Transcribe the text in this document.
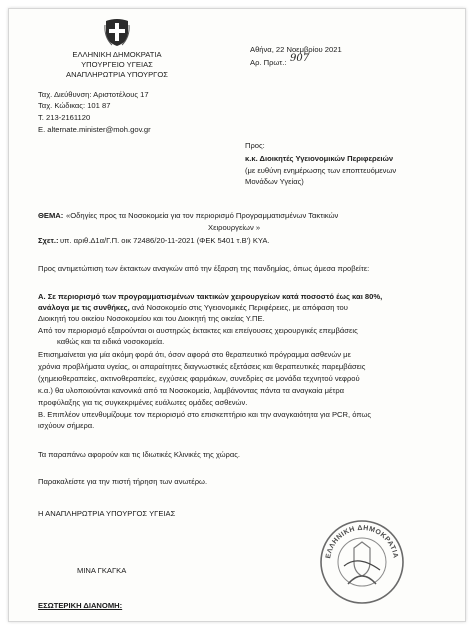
ΕΛΛΗΝΙΚΗ ΔΗΜΟΚΡΑΤΙΑ
ΥΠΟΥΡΓΕΙΟ ΥΓΕΙΑΣ
ΑΝΑΠΛΗΡΩΤΡΙΑ ΥΠΟΥΡΓΟΣ
Ταχ. Διεύθυνση: Αριστοτέλους 17
Ταχ. Κώδικας: 101 87
Τ. 213-2161120
E. alternate.minister@moh.gov.gr
Αθήνα, 22 Νοεμβρίου 2021
Αρ. Πρωτ.: 907
Προς:
κ.κ. Διοικητές Υγειονομικών Περιφερειών
(με ευθύνη ενημέρωσης των εποπτευόμενων
Μονάδων Υγείας)
ΘΕΜΑ: «Οδηγίες προς τα Νοσοκομεία για τον περιορισμό Προγραμματισμένων Τακτικών
Χειρουργείων »
Σχετ.: υπ. αριθ.Δ1α/Γ.Π. οικ 72486/20-11-2021 (ΦΕΚ 5401 τ.Β') ΚΥΑ.
Προς αντιμετώπιση των έκτακτων αναγκών από την έξαρση της πανδημίας, όπως άμεσα προβείτε:
Α. Σε περιορισμό των προγραμματισμένων τακτικών χειρουργείων κατά ποσοστό έως και 80%,
ανάλογα με τις συνθήκες, ανά Νοσοκομείο στις Υγειονομικές Περιφέρειες, με απόφαση του
Διοικητή του οικείου Νοσοκομείου και του Διοικητή της οικείας Υ.ΠΕ.
Από τον περιορισμό εξαιρούνται οι αυστηρώς έκτακτες και επείγουσες χειρουργικές επεμβάσεις
καθώς και τα ειδικά νοσοκομεία.
Επισημαίνεται για μία ακόμη φορά ότι, όσον αφορά στο θεραπευτικό πρόγραμμα ασθενών με
χρόνια προβλήματα υγείας, οι απαραίτητες διαγνωστικές εξετάσεις και θεραπευτικές παρεμβάσεις
(χημειοθεραπείες, ακτινοθεραπείες, εγχύσεις φαρμάκων, συνεδρίες σε μονάδα τεχνητού νεφρού
κ.α.) θα υλοποιούνται κανονικά από τα Νοσοκομεία, λαμβάνοντας πάντα τα αναγκαία μέτρα
προφύλαξης για τις συγκεκριμένες ευάλωτες ομάδες ασθενών.
Β. Επιπλέον υπενθυμίζουμε τον περιορισμό στο επισκεπτήριο και την αναγκαιότητα για PCR, όπως
ισχύουν σήμερα.
Τα παραπάνω αφορούν και τις Ιδιωτικές Κλινικές της χώρας.
Παρακαλείστε για την πιστή τήρηση των ανωτέρω.
Η ΑΝΑΠΛΗΡΩΤΡΙΑ ΥΠΟΥΡΓΟΣ ΥΓΕΙΑΣ
ΜΙΝΑ ΓΚΑΓΚΑ
ΕΛΛΗΝΙΚΗ ΔΗΜΟΚΡΑΤΙΑ
ΕΣΩΤΕΡΙΚΗ ΔΙΑΝΟΜΗ:
